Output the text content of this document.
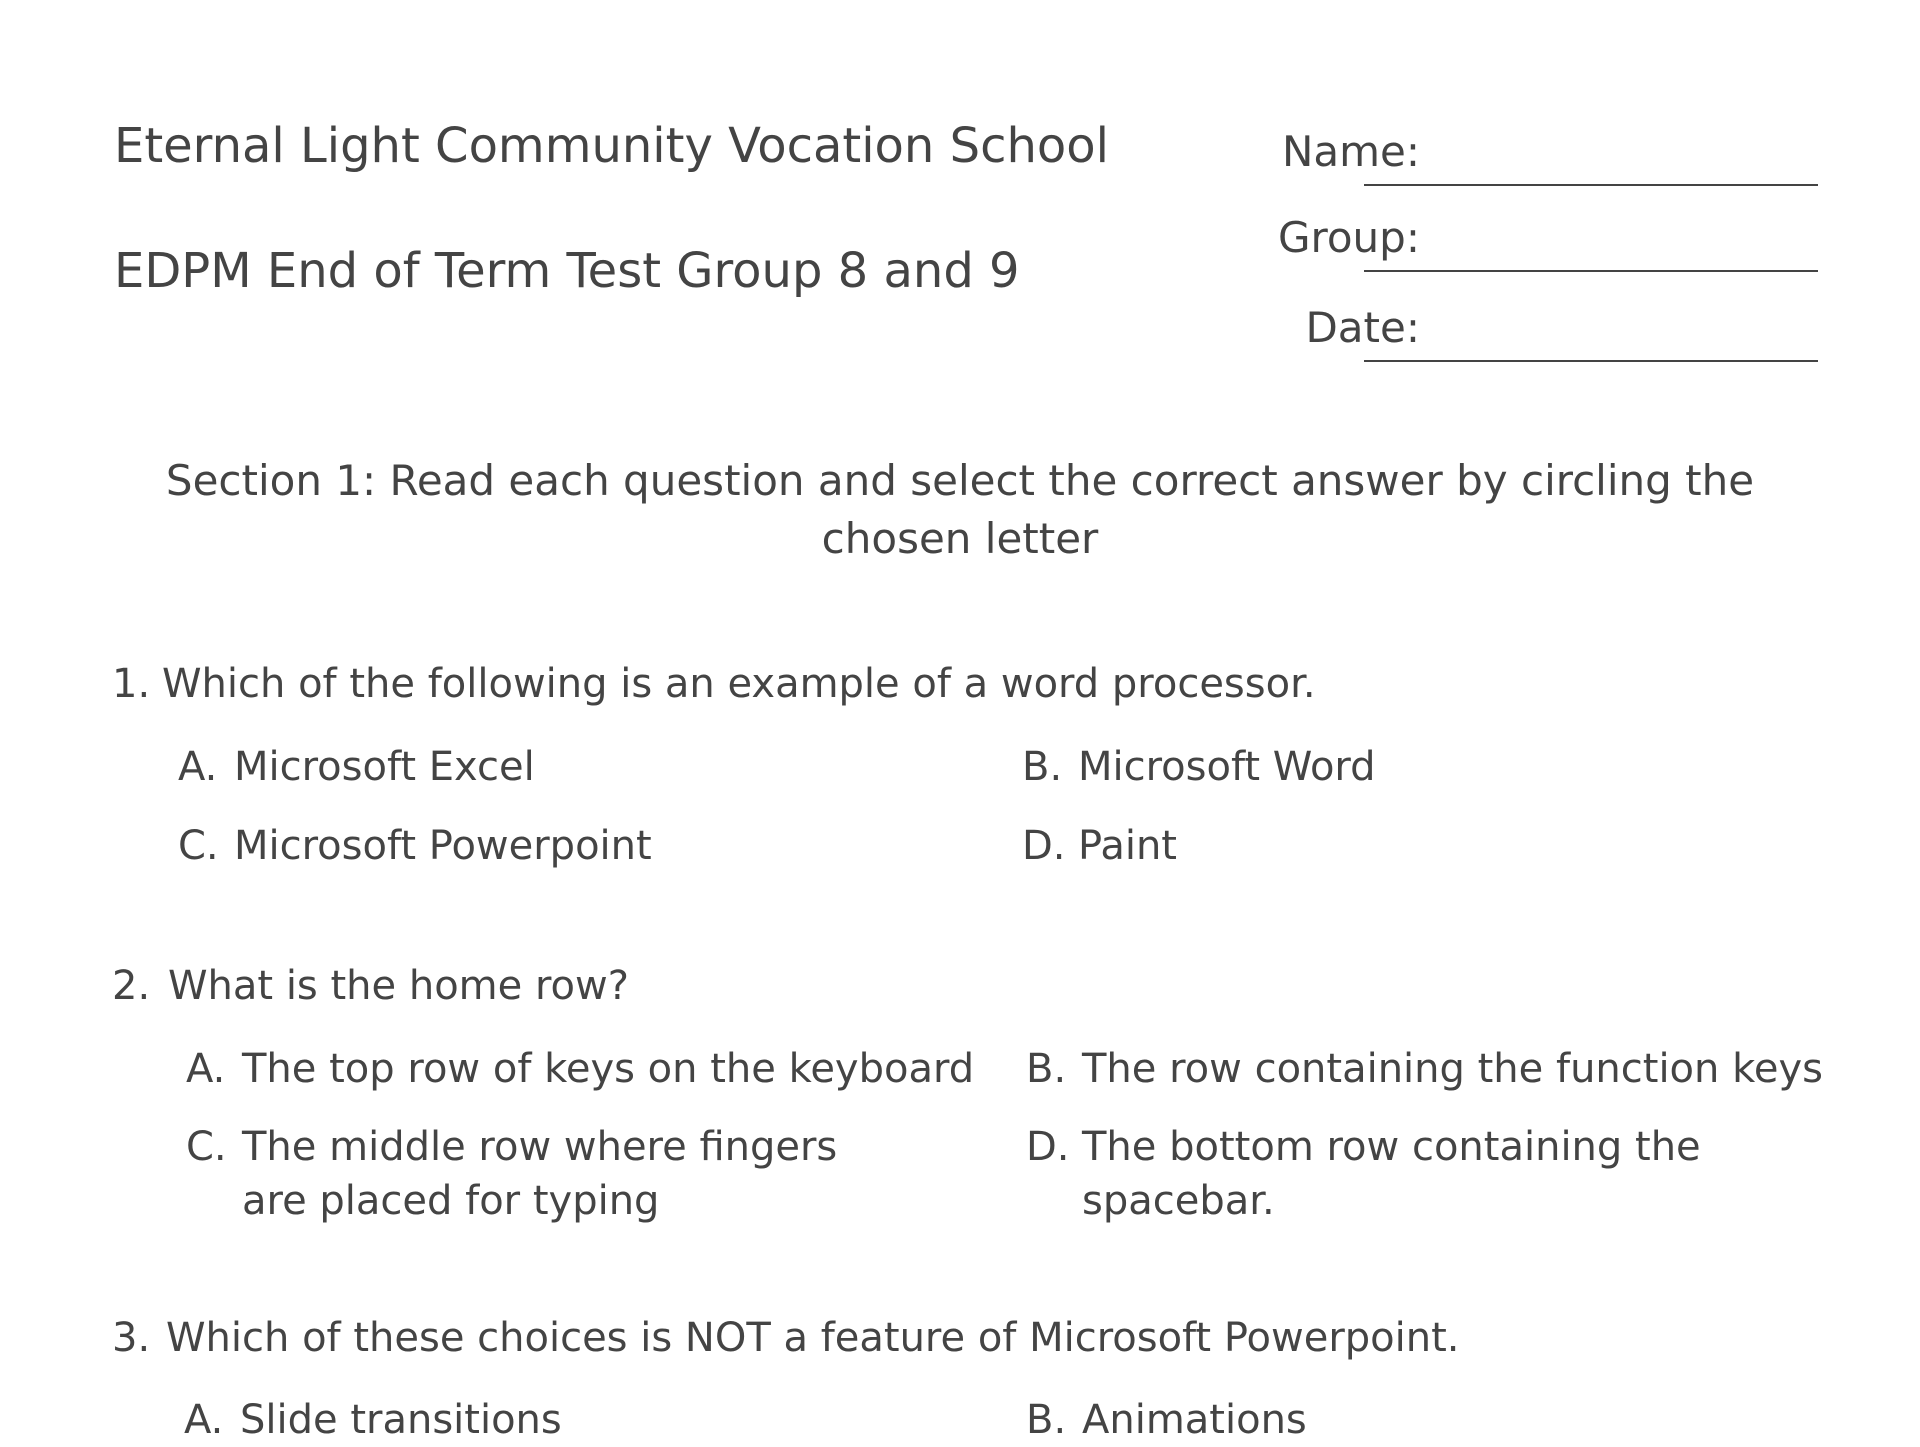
Eternal Light Community Vocation School
EDPM End of Term Test Group 8 and 9
Name:
Group:
Date:

Section 1: Read each question and select the correct answer by circling the chosen letter

1. Which of the following is an example of a word processor.

A. Microsoft Excel	B. Microsoft Word
C. Microsoft Powerpoint	D. Paint

2. What is the home row?

A. The top row of keys on the keyboard	B. The row containing the function keys
C. The middle row where fingers are placed for typing
D. The bottom row containing the spacebar.

3. Which of these choices is NOT a feature of Microsoft Powerpoint.

A. Slide transitions	B. Animations
